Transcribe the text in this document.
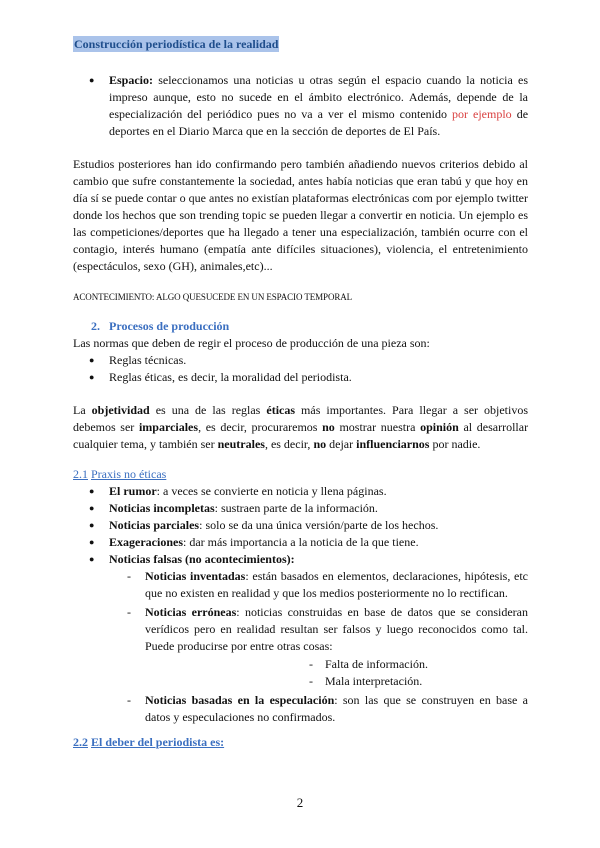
Construcción periodística de la realidad
● Espacio: seleccionamos una noticias u otras según el espacio cuando la noticia es impreso aunque, esto no sucede en el ámbito electrónico. Además, depende de la especialización del periódico pues no va a ver el mismo contenido por ejemplo de deportes en el Diario Marca que en la sección de deportes de El País.
Estudios posteriores han ido confirmando pero también añadiendo nuevos criterios debido al cambio que sufre constantemente la sociedad, antes había noticias que eran tabú y que hoy en día sí se puede contar o que antes no existían plataformas electrónicas com por ejemplo twitter donde los hechos que son trending topic se pueden llegar a convertir en noticia. Un ejemplo es las competiciones/deportes que ha llegado a tener una especialización, también ocurre con el contagio, interés humano (empatía ante difíciles situaciones), violencia, el entretenimiento (espectáculos, sexo (GH), animales,etc)...
ACONTECIMIENTO: ALGO QUESUCEDE EN UN ESPACIO TEMPORAL
2. Procesos de producción
Las normas que deben de regir el proceso de producción de una pieza son:
● Reglas técnicas.
● Reglas éticas, es decir, la moralidad del periodista.
La objetividad es una de las reglas éticas más importantes. Para llegar a ser objetivos debemos ser imparciales, es decir, procuraremos no mostrar nuestra opinión al desarrollar cualquier tema, y también ser neutrales, es decir, no dejar influenciarnos por nadie.
2.1 Praxis no éticas
● El rumor: a veces se convierte en noticia y llena páginas.
● Noticias incompletas: sustraen parte de la información.
● Noticias parciales: solo se da una única versión/parte de los hechos.
● Exageraciones: dar más importancia a la noticia de la que tiene.
● Noticias falsas (no acontecimientos):
- Noticias inventadas: están basados en elementos, declaraciones, hipótesis, etc que no existen en realidad y que los medios posteriormente no lo rectifican.
- Noticias erróneas: noticias construidas en base de datos que se consideran verídicos pero en realidad resultan ser falsos y luego reconocidos como tal. Puede producirse por entre otras cosas:
- Falta de información.
- Mala interpretación.
- Noticias basadas en la especulación: son las que se construyen en base a datos y especulaciones no confirmados.
2.2 El deber del periodista es:
2
